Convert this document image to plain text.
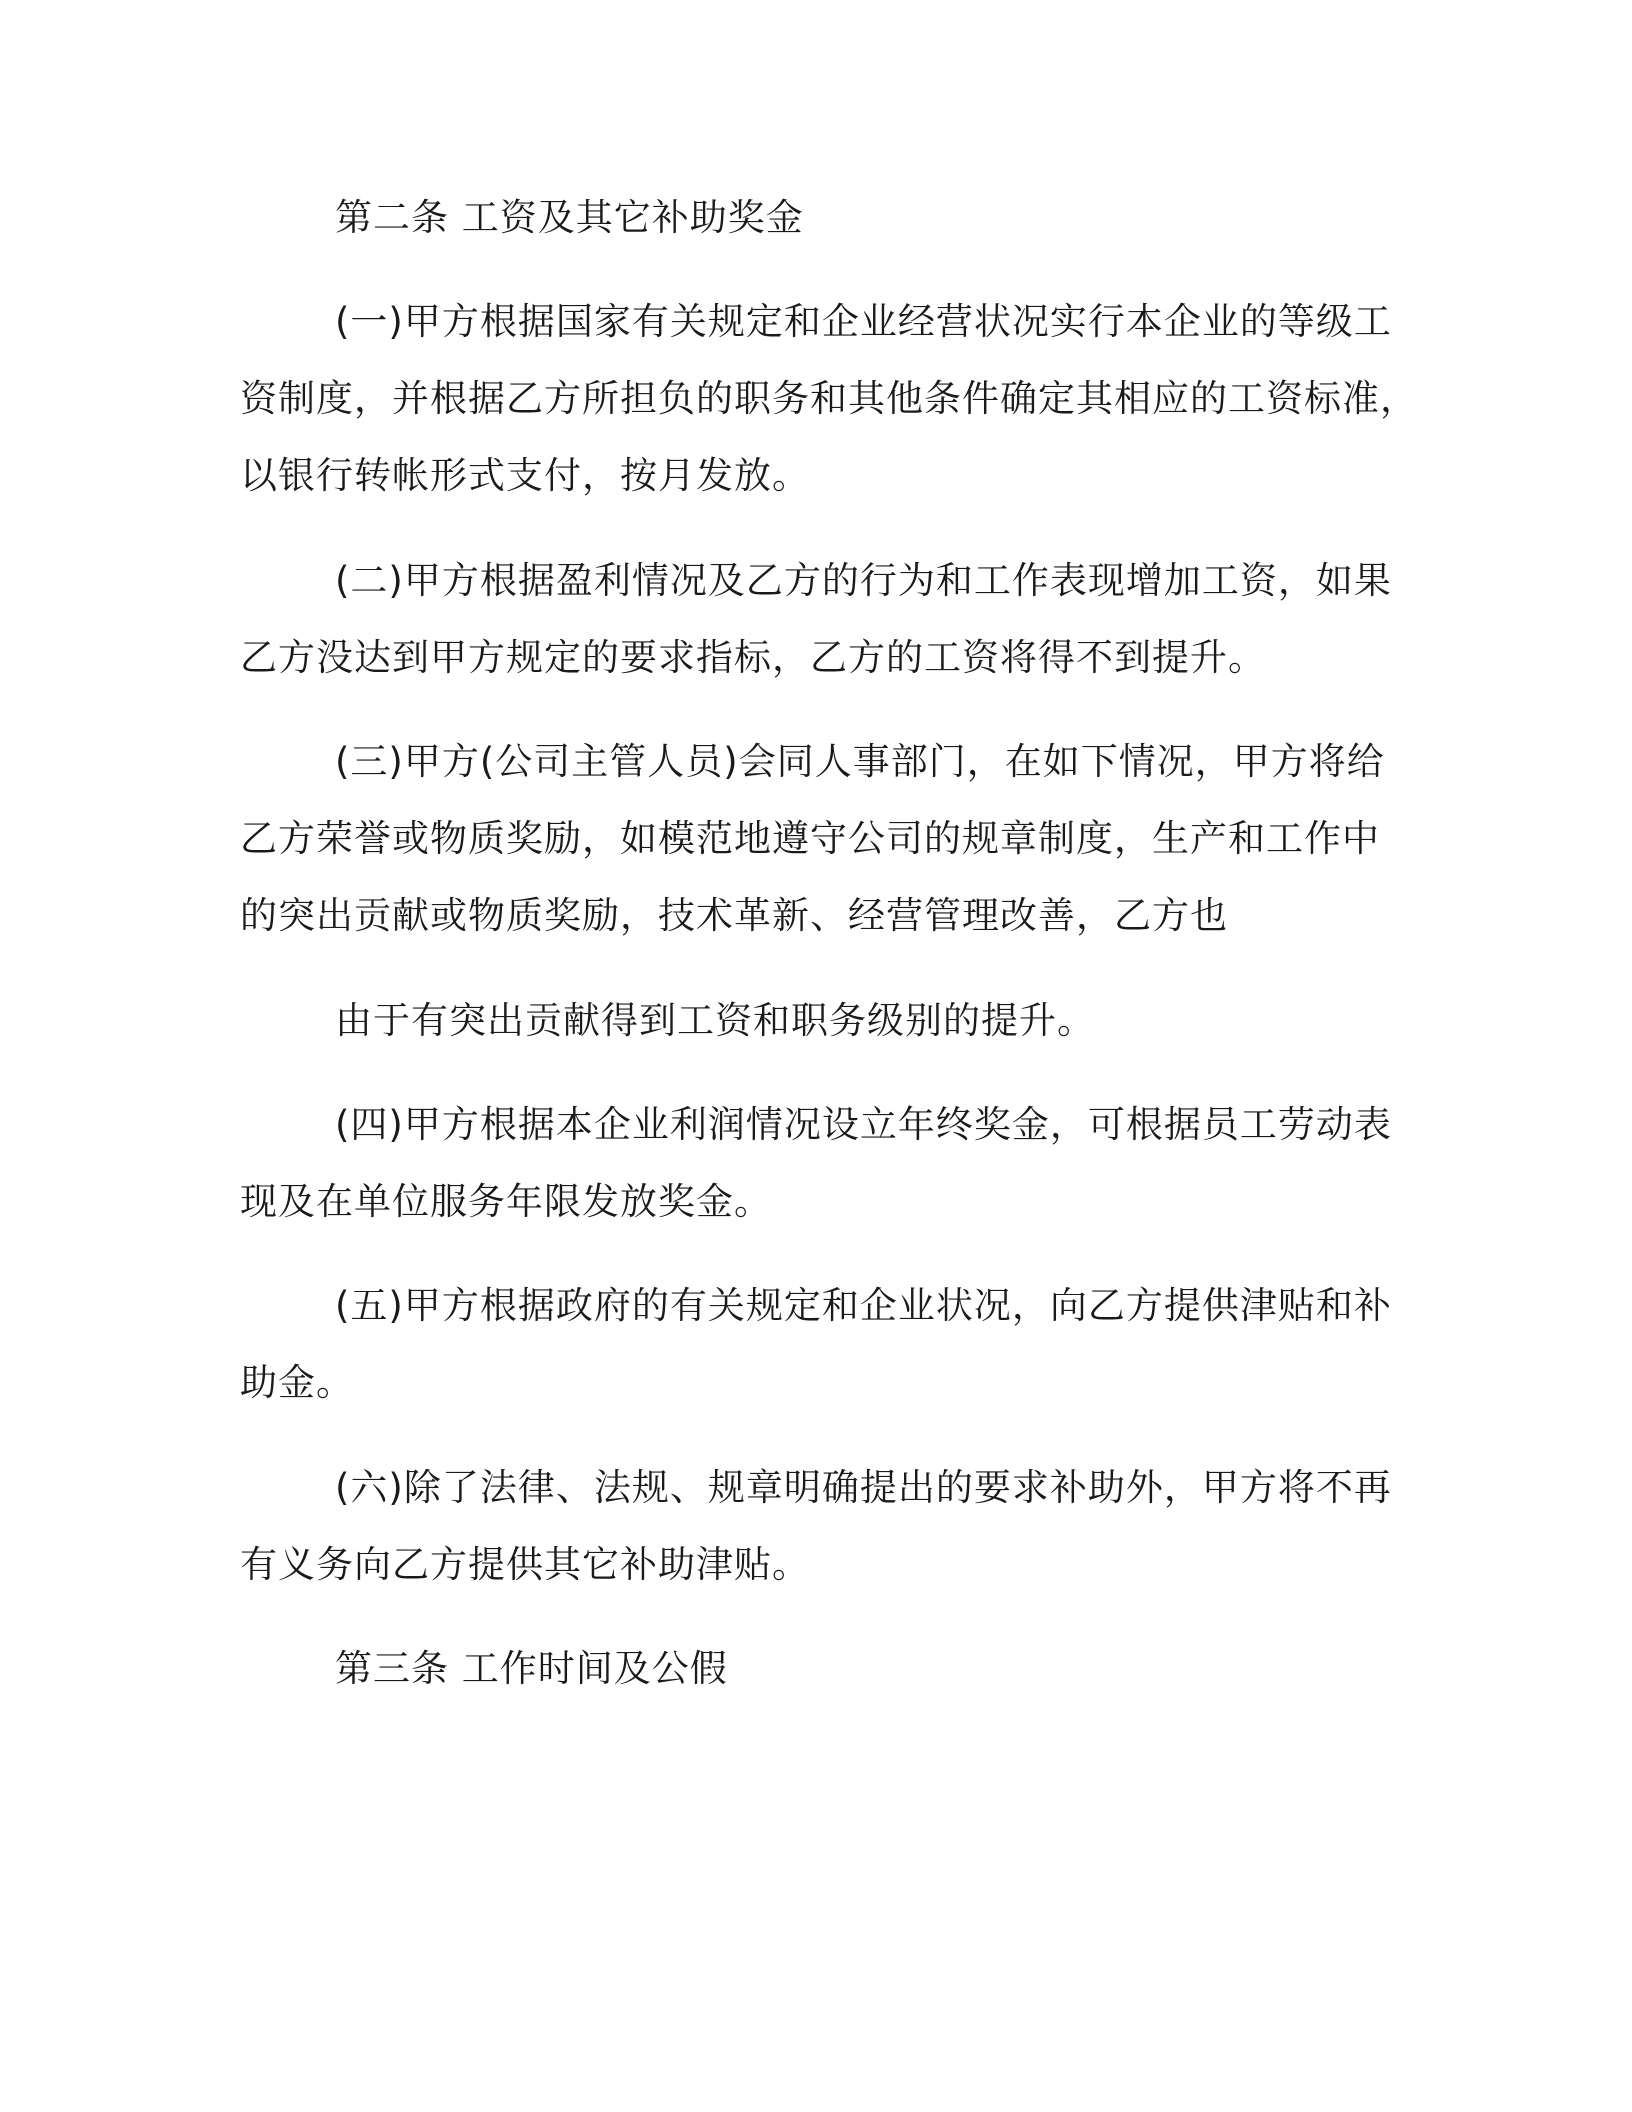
第二条 工资及其它补助奖金
(一)甲方根据国家有关规定和企业经营状况实行本企业的等级工
资制度，并根据乙方所担负的职务和其他条件确定其相应的工资标准，
以银行转帐形式支付，按月发放。
(二)甲方根据盈利情况及乙方的行为和工作表现增加工资，如果
乙方没达到甲方规定的要求指标，乙方的工资将得不到提升。
(三)甲方(公司主管人员)会同人事部门，在如下情况，甲方将给
乙方荣誉或物质奖励，如模范地遵守公司的规章制度，生产和工作中
的突出贡献或物质奖励，技术革新、经营管理改善，乙方也
由于有突出贡献得到工资和职务级别的提升。
(四)甲方根据本企业利润情况设立年终奖金，可根据员工劳动表
现及在单位服务年限发放奖金。
(五)甲方根据政府的有关规定和企业状况，向乙方提供津贴和补
助金。
(六)除了法律、法规、规章明确提出的要求补助外，甲方将不再
有义务向乙方提供其它补助津贴。
第三条 工作时间及公假
